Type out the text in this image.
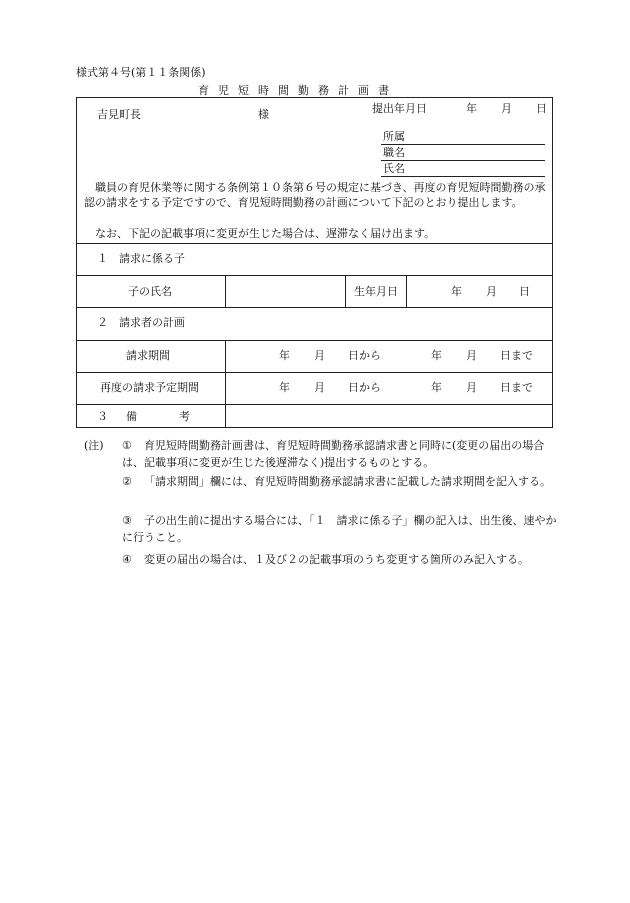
様式第４号(第１１条関係)
育児短時間勤務計画書
吉見町長	様	提出年月日	年 月 日
所属
職名
氏名
職員の育児休業等に関する条例第１０条第６号の規定に基づき、再度の育児短時間勤務の承認の請求をする予定ですので、育児短時間勤務の計画について下記のとおり提出します。
なお、下記の記載事項に変更が生じた場合は、遅滞なく届け出ます。
１　請求に係る子
子の氏名	生年月日	年 月 日
２　請求者の計画
請求期間	年 月 日から	年 月 日まで
再度の請求予定期間	年 月 日から	年 月 日まで
３ 備	考
(注) ①	育児短時間勤務計画書は、育児短時間勤務承認請求書と同時に(変更の届出の場合は、記載事項に変更が生じた後遅滞なく)提出するものとする。
②	「請求期間」欄には、育児短時間勤務承認請求書に記載した請求期間を記入する。
③	子の出生前に提出する場合には、「１　請求に係る子」欄の記入は、出生後、速やかに行うこと。
④	変更の届出の場合は、１及び２の記載事項のうち変更する箇所のみ記入する。
